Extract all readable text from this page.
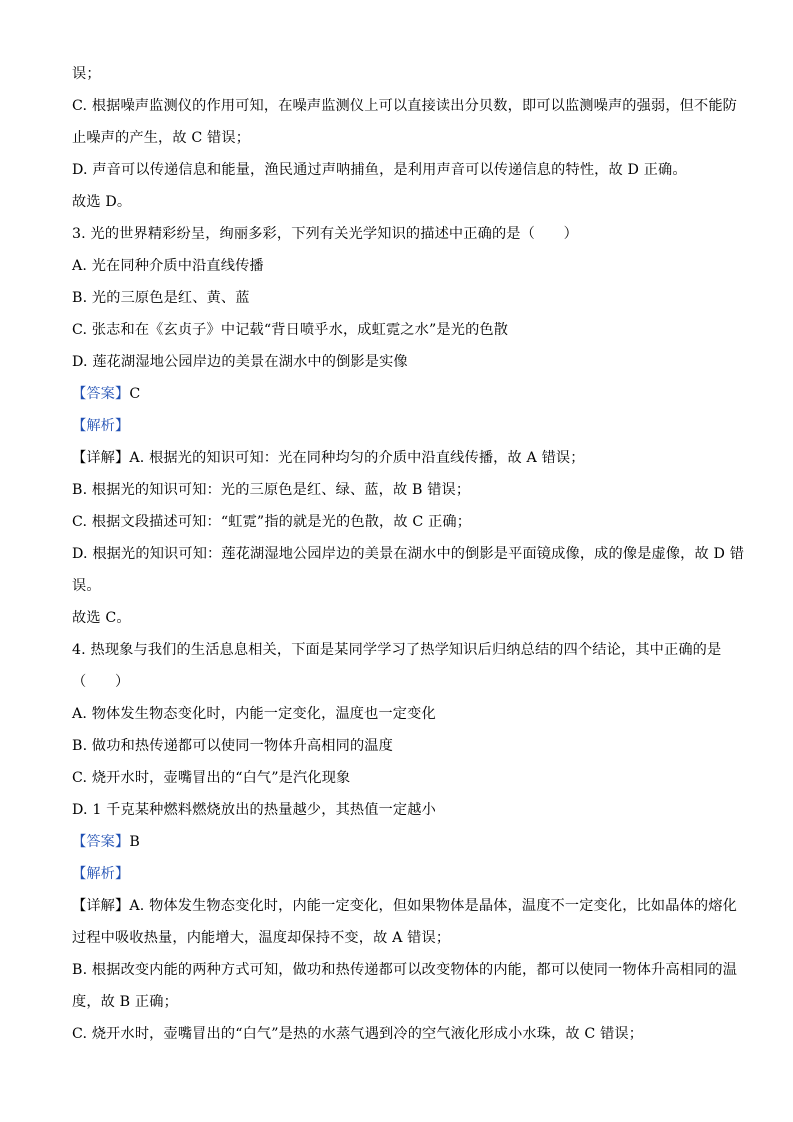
误；
C. 根据噪声监测仪的作用可知，在噪声监测仪上可以直接读出分贝数，即可以监测噪声的强弱，但不能防
止噪声的产生，故 C 错误；
D. 声音可以传递信息和能量，渔民通过声呐捕鱼，是利用声音可以传递信息的特性，故 D 正确。
故选 D。
3. 光的世界精彩纷呈，绚丽多彩，下列有关光学知识的描述中正确的是（　　）
A. 光在同种介质中沿直线传播
B. 光的三原色是红、黄、蓝
C. 张志和在《玄贞子》中记载“背日喷乎水，成虹霓之水”是光的色散
D. 莲花湖湿地公园岸边的美景在湖水中的倒影是实像
【答案】C
【解析】
【详解】A. 根据光的知识可知：光在同种均匀的介质中沿直线传播，故 A 错误；
B. 根据光的知识可知：光的三原色是红、绿、蓝，故 B 错误；
C. 根据文段描述可知：“虹霓”指的就是光的色散，故 C 正确；
D. 根据光的知识可知：莲花湖湿地公园岸边的美景在湖水中的倒影是平面镜成像，成的像是虚像，故 D 错
误。
故选 C。
4. 热现象与我们的生活息息相关，下面是某同学学习了热学知识后归纳总结的四个结论，其中正确的是
（　　）
A. 物体发生物态变化时，内能一定变化，温度也一定变化
B. 做功和热传递都可以使同一物体升高相同的温度
C. 烧开水时，壶嘴冒出的“白气”是汽化现象
D. 1 千克某种燃料燃烧放出的热量越少，其热值一定越小
【答案】B
【解析】
【详解】A. 物体发生物态变化时，内能一定变化，但如果物体是晶体，温度不一定变化，比如晶体的熔化
过程中吸收热量，内能增大，温度却保持不变，故 A 错误；
B. 根据改变内能的两种方式可知，做功和热传递都可以改变物体的内能，都可以使同一物体升高相同的温
度，故 B 正确；
C. 烧开水时，壶嘴冒出的“白气”是热的水蒸气遇到冷的空气液化形成小水珠，故 C 错误；
